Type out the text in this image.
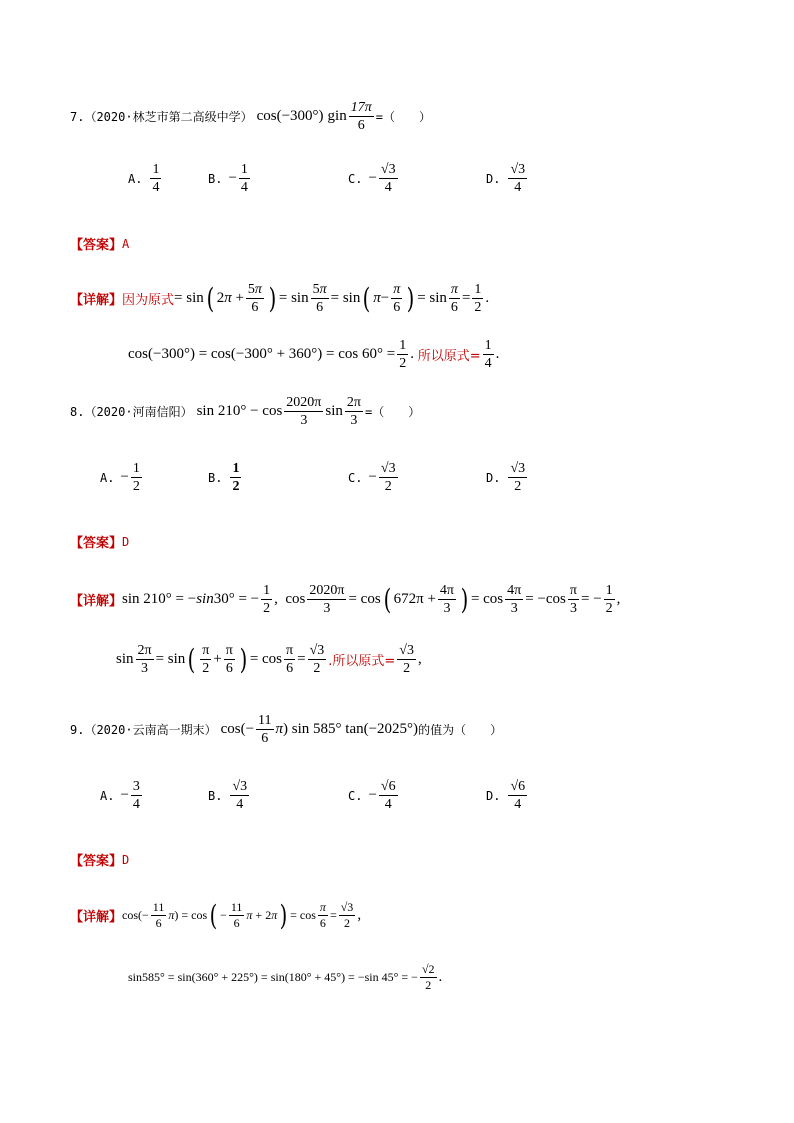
7.（2020·林芝市第二高级中学） cos(−300°) gin $\frac{17\pi}{6}$ =（　　）
A. $\frac{1}{4}$	B. − $\frac{1}{4}$	C. − $\frac{√3}{4}$	D. $\frac{√3}{4}$
【答案】 A
【详解】 因为原式 = sin ( $2\pi + \frac{5\pi}{6}$ ) = $\sin \frac{5\pi}{6} = \sin$ ( $\pi - \frac{\pi}{6}$ ) = $\sin \frac{\pi}{6} = \frac{1}{2}$ .
$\cos(-300^\circ) = \cos(-300^\circ + 360^\circ) = \cos 60^\circ = \frac{1}{2}$ . 所以原式= $\frac{1}{4}$ .
8.（2020·河南信阳） $\sin 210^\circ - \cos \frac{2020\pi}{3}$ $\sin \frac{2\pi}{3}$ =（　　）
A. − $\frac{1}{2}$	B. $\frac{1}{2}$	C. − $\frac{√3}{2}$	D. $\frac{√3}{2}$
【答案】 D
【详解】 sin 210° = −sin30° = − $\frac{1}{2}$ ,  $\cos \frac{2020\pi}{3} = \cos$ ( $672\pi + \frac{4\pi}{3}$ ) = $\cos \frac{4\pi}{3} = -\cos \frac{\pi}{3}$ = − $\frac{1}{2}$ ,
$\sin \frac{2\pi}{3} = \sin$ ( $\frac{\pi}{2} + \frac{\pi}{6}$ ) = $\cos \frac{\pi}{6} = \frac{√3}{2}$ .所以原式= $\frac{√3}{2}$ ,
9.（2020·云南高一期末） $\cos(- \frac{11}{6}$ π ) sin 585° tan(−2025°) 的值为（　　）
A. − $\frac{3}{4}$	B. $\frac{√3}{4}$	C. − $\frac{√6}{4}$	D. $\frac{√6}{4}$
【答案】 D
【详解】 $\cos(- \frac{11}{6}$ π ) = cos ( − $\frac{11}{6}$ π + 2π ) = $\cos \frac{\pi}{6} = \frac{√3}{2}$ ,
sin585° = sin(360° + 225°) = sin(180° + 45°) = −sin 45° = − $\frac{√2}{2}$ .
